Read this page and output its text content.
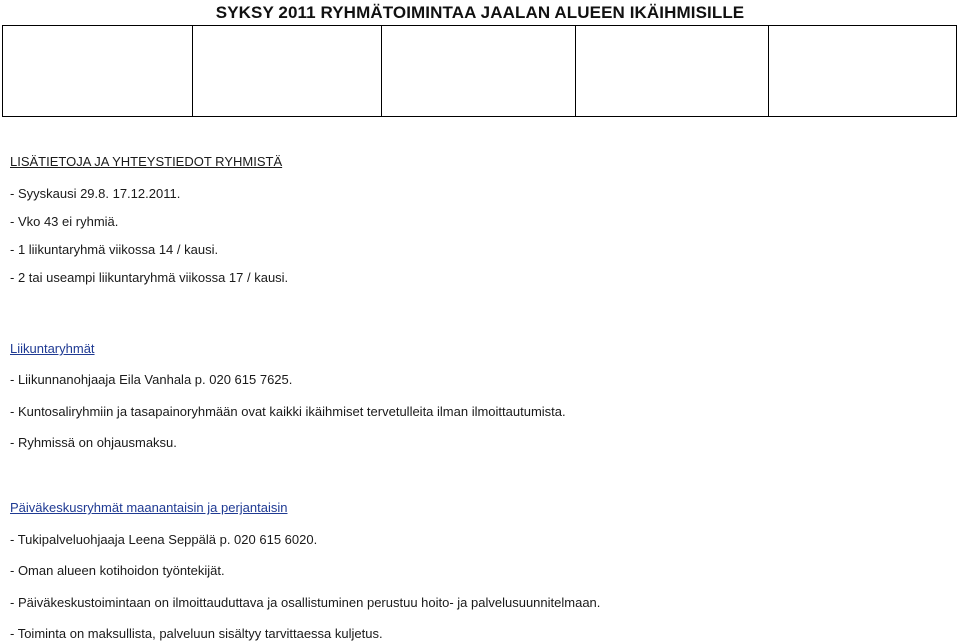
SYKSY 2011 RYHMÄTOIMINTAA JAALAN ALUEEN IKÄIHMISILLE
LISÄTIETOJA JA YHTEYSTIEDOT RYHMISTÄ
- Syyskausi 29.8. 17.12.2011.
- Vko 43 ei ryhmiä.
- 1 liikuntaryhmä viikossa 14 / kausi.
- 2 tai useampi liikuntaryhmä viikossa 17 / kausi.
Liikuntaryhmät
- Liikunnanohjaaja Eila Vanhala p. 020 615 7625.
- Kuntosaliryhmiin ja tasapainoryhmään ovat kaikki ikäihmiset tervetulleita ilman ilmoittautumista.
- Ryhmissä on ohjausmaksu.
Päiväkeskusryhmät maanantaisin ja perjantaisin
- Tukipalveluohjaaja Leena Seppälä p. 020 615 6020.
- Oman alueen kotihoidon työntekijät.
- Päiväkeskustoimintaan on ilmoittauduttava ja osallistuminen perustuu hoito- ja palvelusuunnitelmaan.
- Toiminta on maksullista, palveluun sisältyy tarvittaessa kuljetus.
